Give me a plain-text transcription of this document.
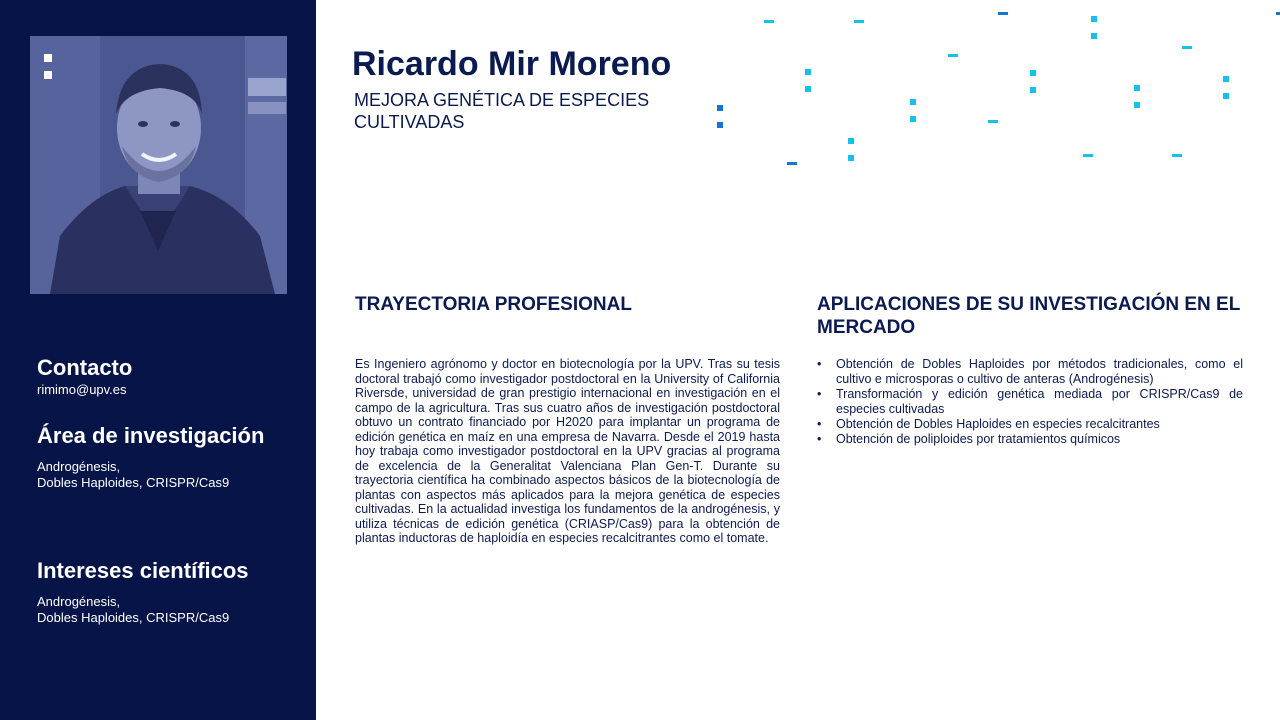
Contacto

rimimo@upv.es

Área de investigación

Androgénesis,

Dobles Haploides, CRISPR/Cas9

Intereses científicos

Androgénesis,

Dobles Haploides, CRISPR/Cas9

Ricardo Mir Moreno

MEJORA GENÉTICA DE ESPECIES CULTIVADAS

TRAYECTORIA PROFESIONAL

Es Ingeniero agrónomo y doctor en biotecnología por la UPV. Tras su tesis doctoral trabajó como investigador postdoctoral en la University of California Riversde, universidad de gran prestigio internacional en investigación en el campo de la agricultura. Tras sus cuatro años de investigación postdoctoral obtuvo un contrato financiado por H2020 para implantar un programa de edición genética en maíz en una empresa de Navarra. Desde el 2019 hasta hoy trabaja como investigador postdoctoral en la UPV gracias al programa de excelencia de la Generalitat Valenciana Plan Gen-T. Durante su trayectoria científica ha combinado aspectos básicos de la biotecnología de plantas con aspectos más aplicados para la mejora genética de especies cultivadas. En la actualidad investiga los fundamentos de la androgénesis, y utiliza técnicas de edición genética (CRIASP/Cas9) para la obtención de plantas inductoras de haploidía en especies recalcitrantes como el tomate.

APLICACIONES DE SU INVESTIGACIÓN EN EL MERCADO
• Obtención de Dobles Haploides por métodos tradicionales, como el cultivo e microsporas o cultivo de anteras (Androgénesis)
• Transformación y edición genética mediada por CRISPR/Cas9 de especies cultivadas
• Obtención de Dobles Haploides en especies recalcitrantes
• Obtención de poliploides por tratamientos químicos
